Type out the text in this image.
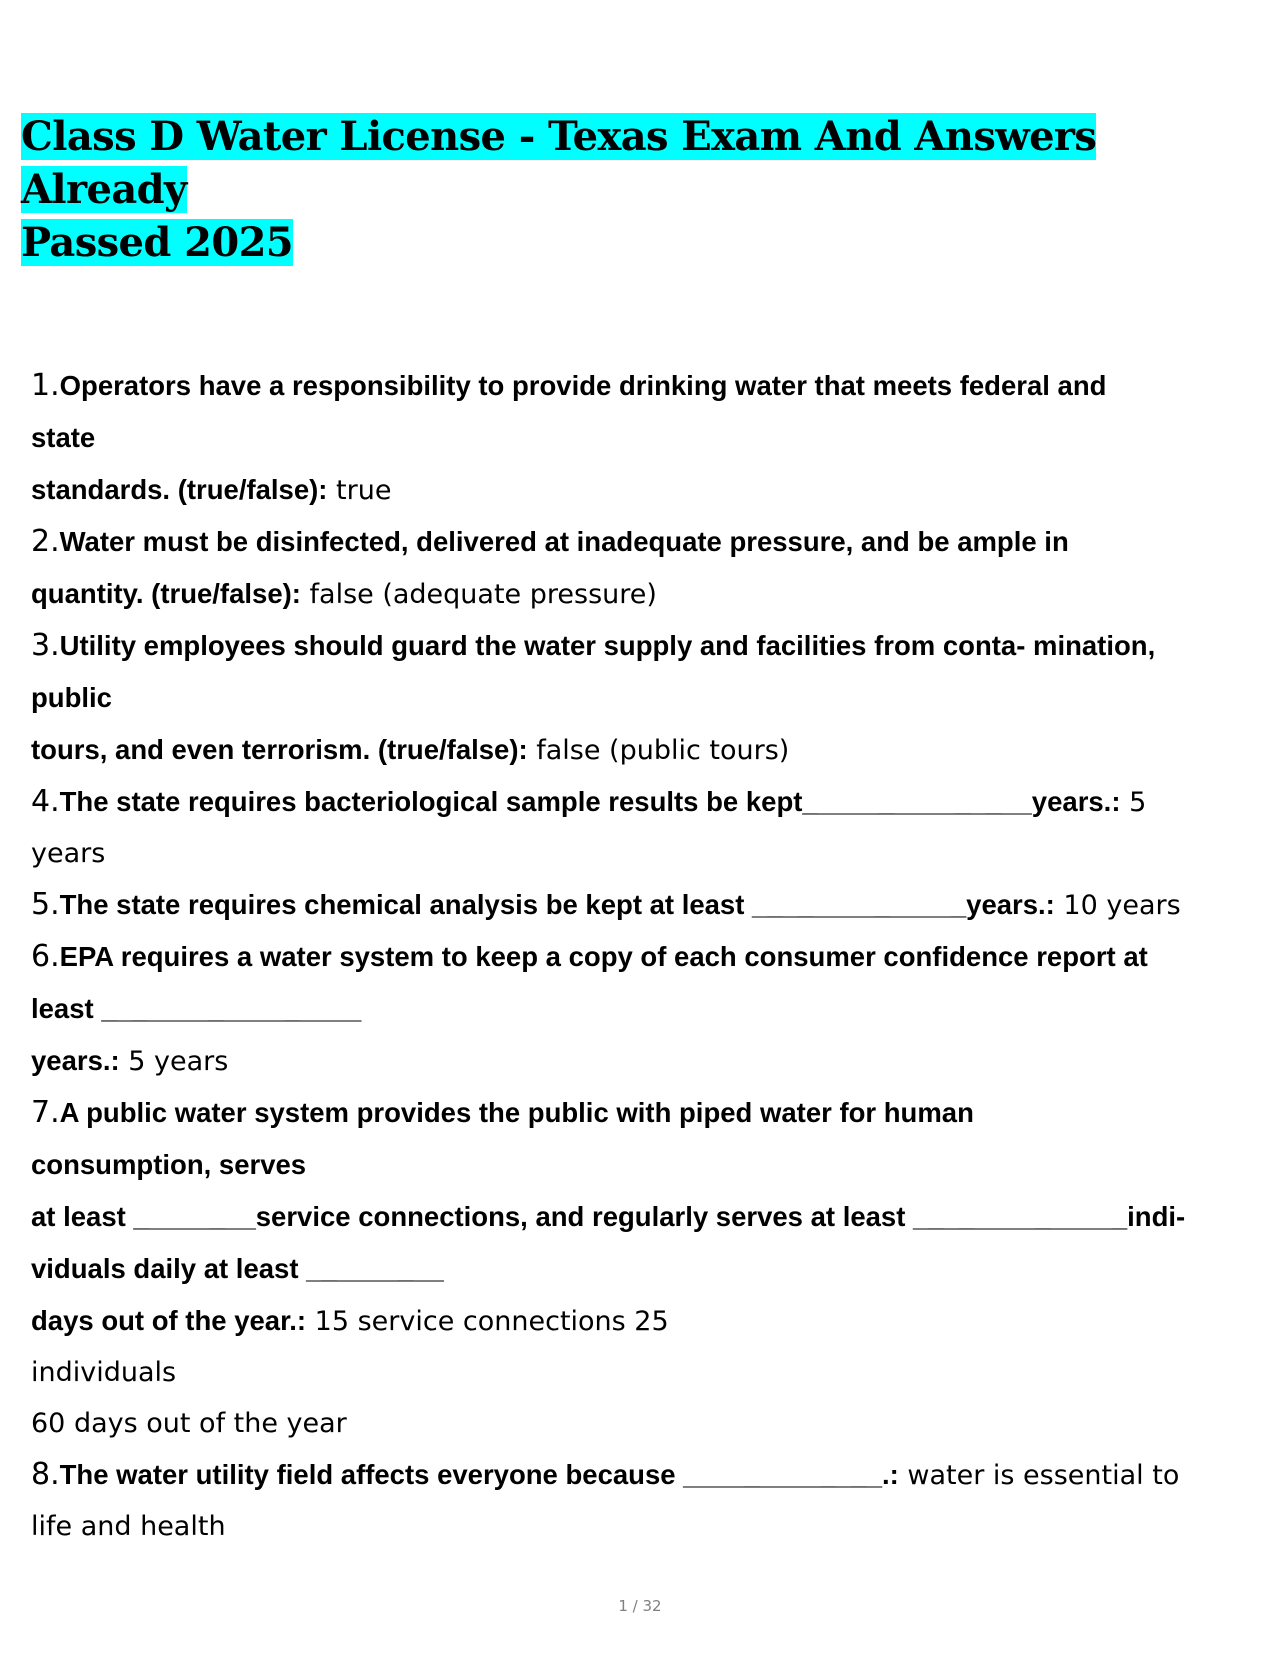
Class D Water License - Texas Exam And Answers Already
Passed 2025
1.Operators have a responsibility to provide drinking water that meets federal and
state
standards. (true/false): true
2.Water must be disinfected, delivered at inadequate pressure, and be ample in
quantity. (true/false): false (adequate pressure)
3.Utility employees should guard the water supply and facilities from conta- mination,
public
tours, and even terrorism. (true/false): false (public tours)
4.The state requires bacteriological sample results be kept_______________years.: 5
years
5.The state requires chemical analysis be kept at least ______________years.: 10 years
6.EPA requires a water system to keep a copy of each consumer confidence report at
least _________________
years.: 5 years
7.A public water system provides the public with piped water for human
consumption, serves
at least ________service connections, and regularly serves at least ______________indi-
viduals daily at least _________
days out of the year.: 15 service connections 25
individuals
60 days out of the year
8.The water utility field affects everyone because _____________.: water is essential to
life and health
1 / 32
